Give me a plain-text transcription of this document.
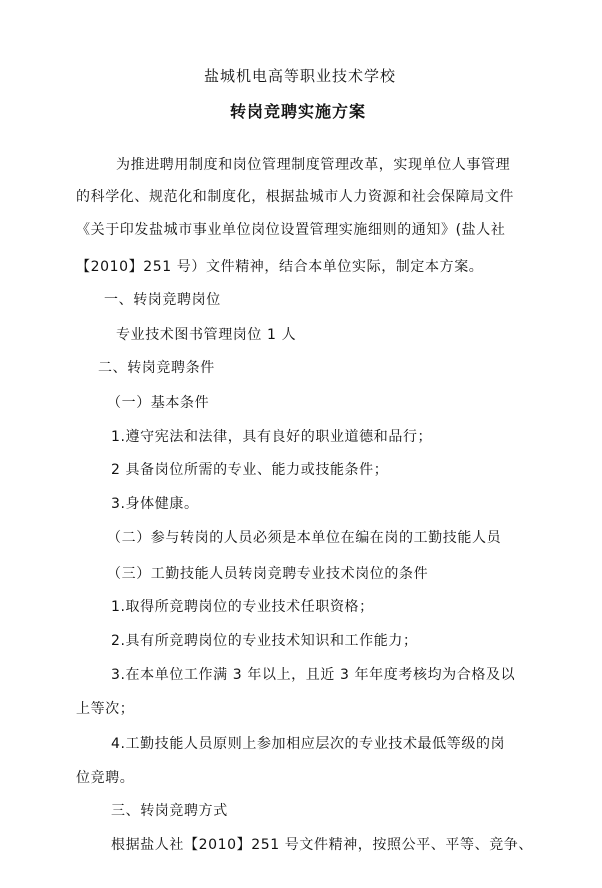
盐城机电高等职业技术学校
转岗竞聘实施方案
为推进聘用制度和岗位管理制度管理改革，实现单位人事管理
的科学化、规范化和制度化，根据盐城市人力资源和社会保障局文件
《关于印发盐城市事业单位岗位设置管理实施细则的通知》(盐人社
【2010】251 号）文件精神，结合本单位实际，制定本方案。
一、转岗竞聘岗位
专业技术图书管理岗位 1 人
二、转岗竞聘条件
（一）基本条件
1.遵守宪法和法律，具有良好的职业道德和品行；
2 具备岗位所需的专业、能力或技能条件；
3.身体健康。
（二）参与转岗的人员必须是本单位在编在岗的工勤技能人员
（三）工勤技能人员转岗竞聘专业技术岗位的条件
1.取得所竞聘岗位的专业技术任职资格；
2.具有所竞聘岗位的专业技术知识和工作能力；
3.在本单位工作满 3 年以上，且近 3 年年度考核均为合格及以
上等次；
4.工勤技能人员原则上参加相应层次的专业技术最低等级的岗
位竞聘。
三、转岗竞聘方式
根据盐人社【2010】251 号文件精神，按照公平、平等、竞争、
